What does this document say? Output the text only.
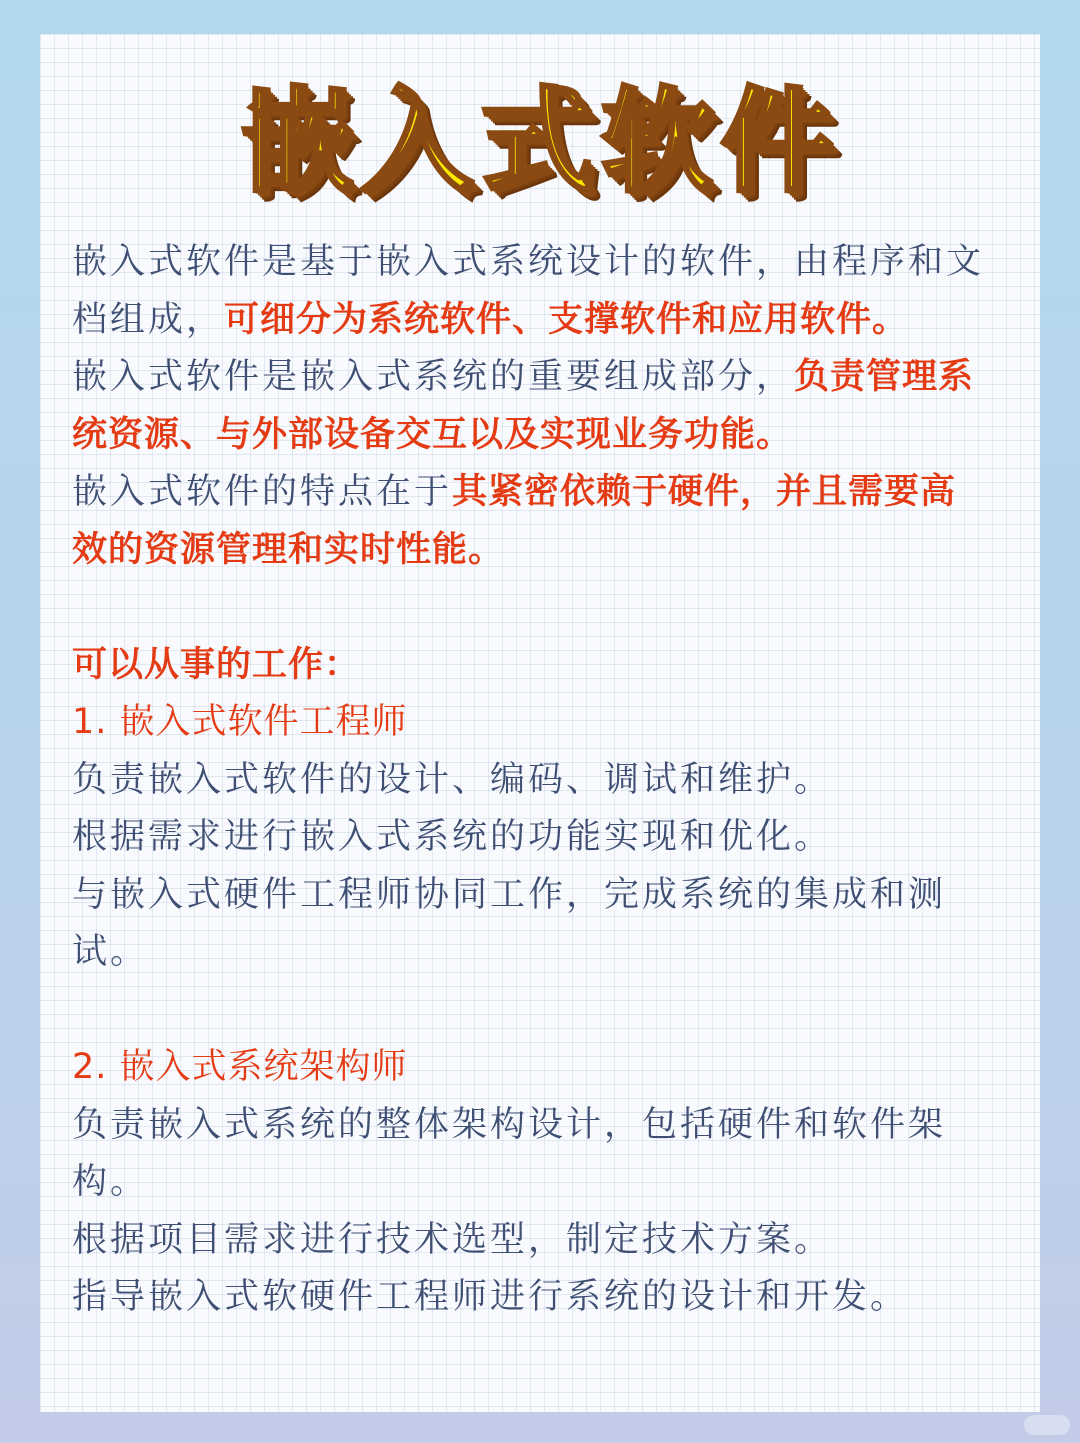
嵌入式软件

嵌入式软件是基于嵌入式系统设计的软件，由程序和文档组成，可细分为系统软件、支撑软件和应用软件。

嵌入式软件是嵌入式系统的重要组成部分，负责管理系统资源、与外部设备交互以及实现业务功能。

嵌入式软件的特点在于其紧密依赖于硬件，并且需要高效的资源管理和实时性能。

可以从事的工作：

1. 嵌入式软件工程师

负责嵌入式软件的设计、编码、调试和维护。

根据需求进行嵌入式系统的功能实现和优化。

与嵌入式硬件工程师协同工作，完成系统的集成和测试。

2. 嵌入式系统架构师

负责嵌入式系统的整体架构设计，包括硬件和软件架构。

根据项目需求进行技术选型，制定技术方案。

指导嵌入式软硬件工程师进行系统的设计和开发。
